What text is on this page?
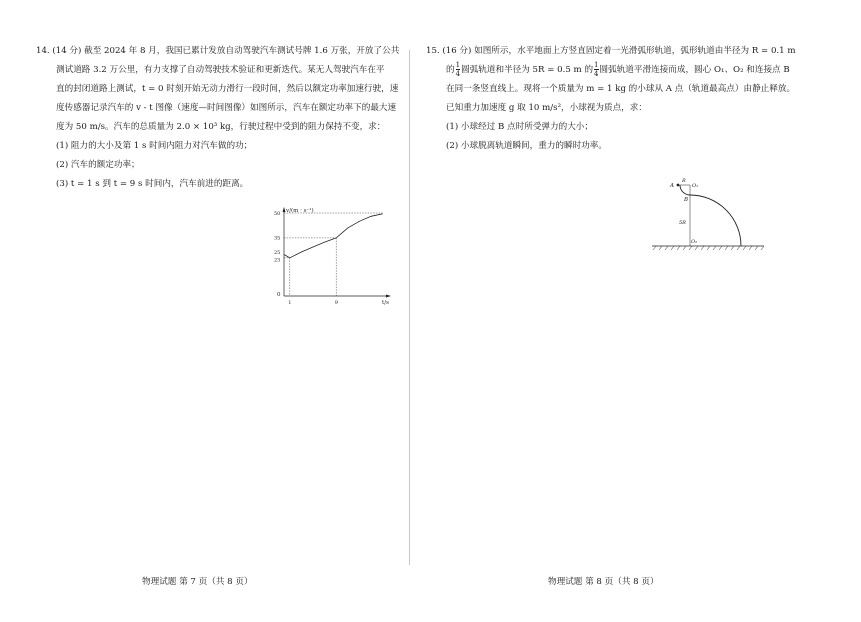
14. (14 分) 截至 2024 年 8 月，我国已累计发放自动驾驶汽车测试号牌 1.6 万张，开放了公共
测试道路 3.2 万公里，有力支撑了自动驾驶技术验证和更新迭代。某无人驾驶汽车在平
直的封闭道路上测试，t = 0 时刻开始无动力滑行一段时间，然后以额定功率加速行驶，速
度传感器记录汽车的 v - t 图像（速度—时间图像）如图所示，汽车在额定功率下的最大速
度为 50 m/s。汽车的总质量为 2.0 × 10³ kg，行驶过程中受到的阻力保持不变，求：
(1) 阻力的大小及第 1 s 时间内阻力对汽车做的功；
(2) 汽车的额定功率；
(3) t = 1 s 到 t = 9 s 时间内，汽车前进的距离。
v/(m · s⁻¹)
t/s
0
50
35
25
23
1	9
15. (16 分) 如图所示，水平地面上方竖直固定着一光滑弧形轨道，弧形轨道由半径为 R = 0.1 m
的 $\frac{1}{4}$ 圆弧轨道和半径为 5R = 0.5 m 的 $\frac{1}{4}$ 圆弧轨道平滑连接而成，圆心 O₁、O₂ 和连接点 B
在同一条竖直线上。现将一个质量为 m = 1 kg 的小球从 A 点（轨道最高点）由静止释放。
已知重力加速度 g 取 10 m/s²，小球视为质点，求：
(1) 小球经过 B 点时所受弹力的大小；
(2) 小球脱离轨道瞬间，重力的瞬时功率。
A
R
O₁
B
5R
O₂
物理试题 第 7 页（共 8 页）	物理试题 第 8 页（共 8 页）
